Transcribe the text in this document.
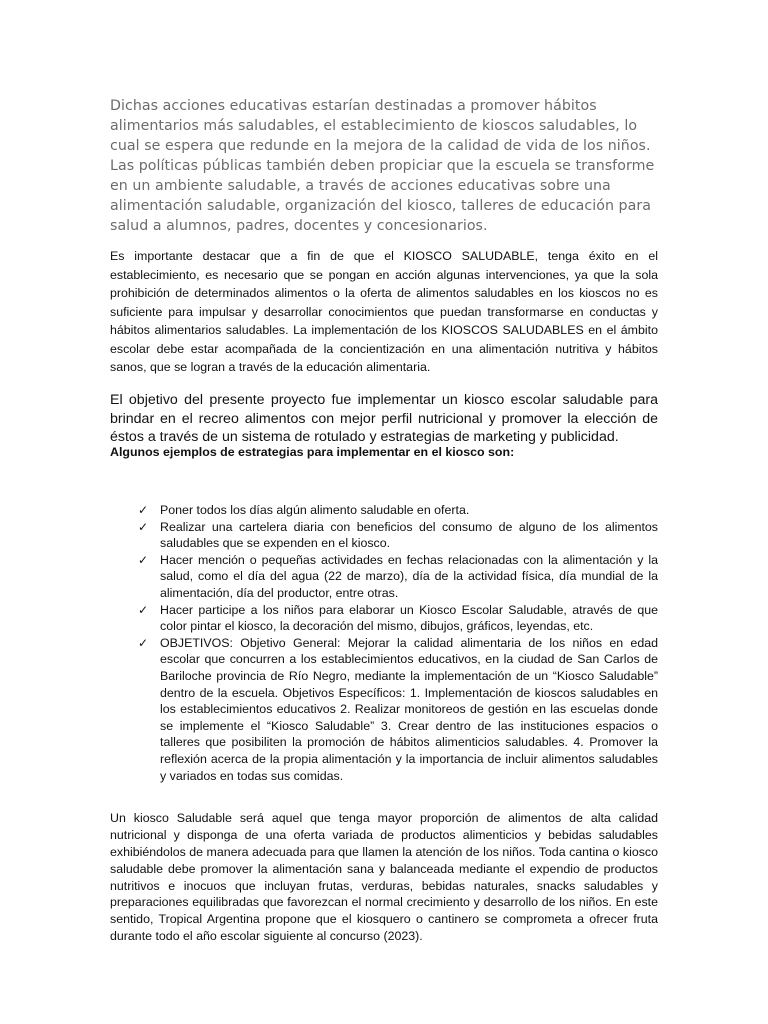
Dichas acciones educativas estarían destinadas a promover hábitos alimentarios más saludables, el establecimiento de kioscos saludables, lo cual se espera que redunde en la mejora de la calidad de vida de los niños. Las políticas públicas también deben propiciar que la escuela se transforme en un ambiente saludable, a través de acciones educativas sobre una alimentación saludable, organización del kiosco, talleres de educación para salud a alumnos, padres, docentes y concesionarios.

Es importante destacar que a fin de que el KIOSCO SALUDABLE, tenga éxito en el establecimiento, es necesario que se pongan en acción algunas intervenciones, ya que la sola prohibición de determinados alimentos o la oferta de alimentos saludables en los kioscos no es suficiente para impulsar y desarrollar conocimientos que puedan transformarse en conductas y hábitos alimentarios saludables. La implementación de los KIOSCOS SALUDABLES en el ámbito escolar debe estar acompañada de la concientización en una alimentación nutritiva y hábitos sanos, que se logran a través de la educación alimentaria.

El objetivo del presente proyecto fue implementar un kiosco escolar saludable para brindar en el recreo alimentos con mejor perfil nutricional y promover la elección de éstos a través de un sistema de rotulado y estrategias de marketing y publicidad.

Algunos ejemplos de estrategias para implementar en el kiosco son:
✓ Poner todos los días algún alimento saludable en oferta.
✓ Realizar una cartelera diaria con beneficios del consumo de alguno de los alimentos saludables que se expenden en el kiosco.
✓ Hacer mención o pequeñas actividades en fechas relacionadas con la alimentación y la salud, como el día del agua (22 de marzo), día de la actividad física, día mundial de la alimentación, día del productor, entre otras.
✓ Hacer participe a los niños para elaborar un Kiosco Escolar Saludable, através de que color pintar el kiosco, la decoración del mismo, dibujos, gráficos, leyendas, etc.
✓ OBJETIVOS: Objetivo General: Mejorar la calidad alimentaria de los niños en edad escolar que concurren a los establecimientos educativos, en la ciudad de San Carlos de Bariloche provincia de Río Negro, mediante la implementación de un “Kiosco Saludable” dentro de la escuela. Objetivos Específicos: 1. Implementación de kioscos saludables en los establecimientos educativos 2. Realizar monitoreos de gestión en las escuelas donde se implemente el “Kiosco Saludable” 3. Crear dentro de las instituciones espacios o talleres que posibiliten la promoción de hábitos alimenticios saludables. 4. Promover la reflexión acerca de la propia alimentación y la importancia de incluir alimentos saludables y variados en todas sus comidas.

Un kiosco Saludable será aquel que tenga mayor proporción de alimentos de alta calidad nutricional y disponga de una oferta variada de productos alimenticios y bebidas saludables exhibiéndolos de manera adecuada para que llamen la atención de los niños. Toda cantina o kiosco saludable debe promover la alimentación sana y balanceada mediante el expendio de productos nutritivos e inocuos que incluyan frutas, verduras, bebidas naturales, snacks saludables y preparaciones equilibradas que favorezcan el normal crecimiento y desarrollo de los niños. En este sentido, Tropical Argentina propone que el kiosquero o cantinero se comprometa a ofrecer fruta durante todo el año escolar siguiente al concurso (2023).
